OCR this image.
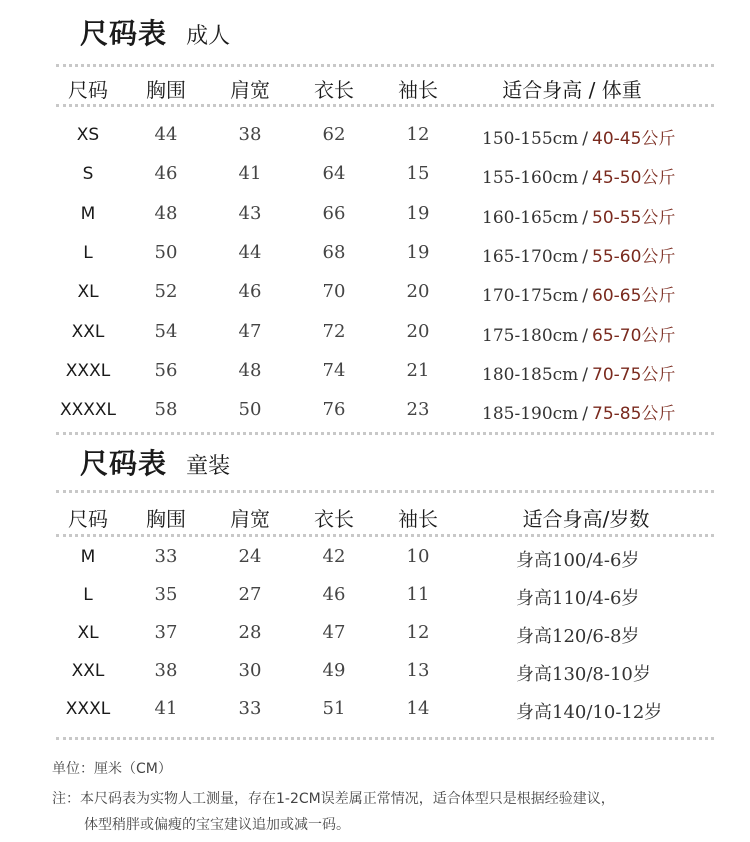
尺码表 成人
尺码 胸围 肩宽 衣长 袖长	适合身高 / 体重
XS	44	38	62	12	150-155cm / 40-45公斤
S	46	41	64	15	155-160cm / 45-50公斤
M	48	43	66	19	160-165cm / 50-55公斤
L	50	44	68	19	165-170cm / 55-60公斤
XL	52	46	70	20	170-175cm / 60-65公斤
XXL	54	47	72	20	175-180cm / 65-70公斤
XXXL 56	48	74	21	180-185cm / 70-75公斤
XXXXL 58	50	76	23	185-190cm / 75-85公斤
尺码表 童装
尺码 胸围 肩宽 衣长 袖长	适合身高/岁数
M	33	24	42	10	身高100/4-6岁
L	35	27	46	11	身高110/4-6岁
XL	37	28	47	12	身高120/6-8岁
XXL	38	30	49	13	身高130/8-10岁
XXXL 41	33	51	14	身高140/10-12岁
单位：厘米（CM）
注：本尺码表为实物人工测量，存在1-2CM误差属正常情况，适合体型只是根据经验建议，
体型稍胖或偏瘦的宝宝建议追加或减一码。
